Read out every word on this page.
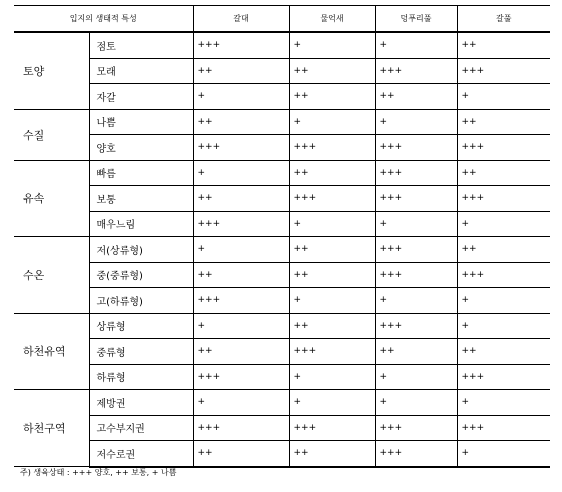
입지의 생태적 특성		갈대	물억새	덩푸리풀	갈풀
토양	점토	+++	+	+	++
	모래	++	++	+++	+++
	자갈	+	++	++	+
수질	나쁨	++	+	+	++
	양호	+++	+++	+++	+++
유속	빠름	+	++	+++	++
	보통	++	+++	+++	+++
	매우느림	+++	+	+	+
수온	저(상류형)	+	++	+++	++
	중(중류형)	++	++	+++	+++
	고(하류형)	+++	+	+	+
하천유역	상류형	+	++	+++	+
	중류형	++	+++	++	++
	하류형	+++	+	+	+++
하천구역	제방권	+	+	+	+
	고수부지권	+++	+++	+++	+++
	저수로권	++	++	+++	+
주) 생육상태 : +++ 양호, ++ 보통, + 나쁨
